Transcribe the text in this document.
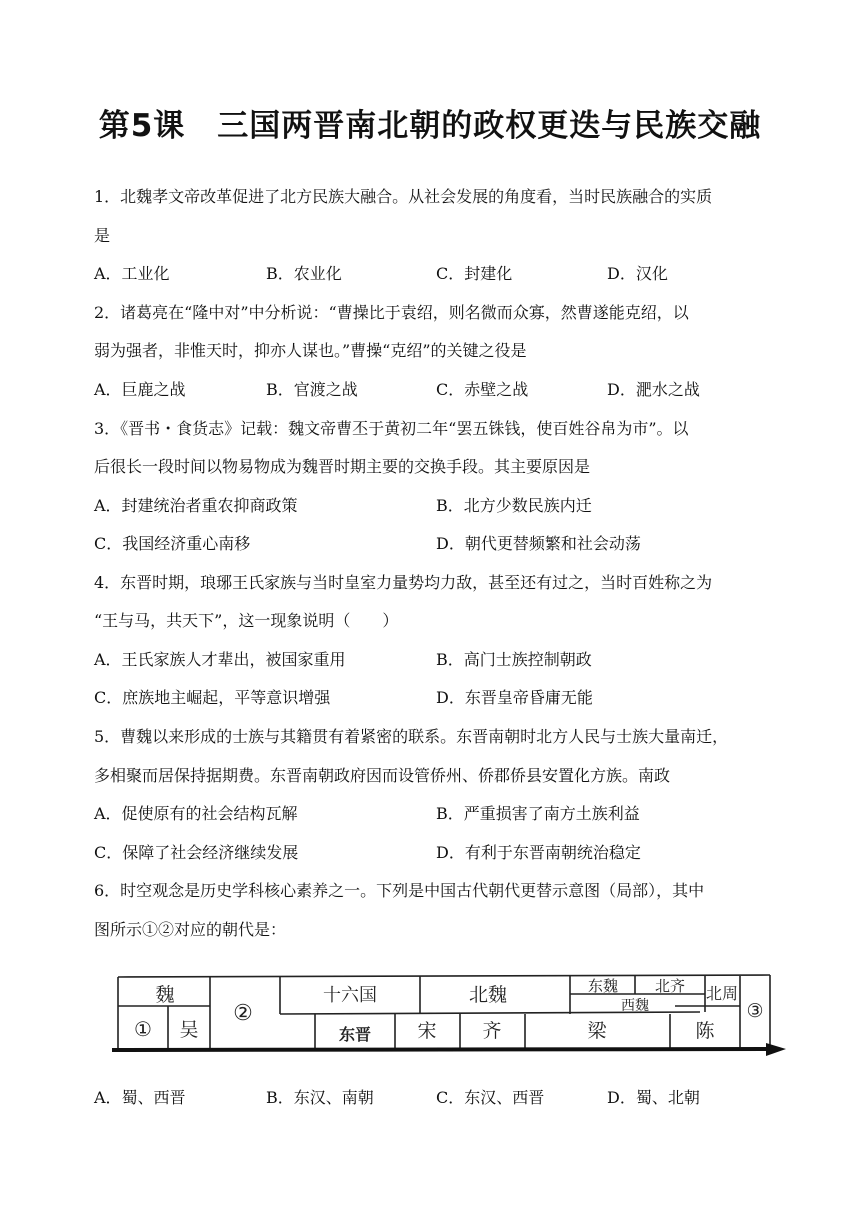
第5课　三国两晋南北朝的政权更迭与民族交融
1．北魏孝文帝改革促进了北方民族大融合。从社会发展的角度看，当时民族融合的实质
是
A．工业化	B．农业化	C．封建化	D．汉化
2．诸葛亮在“隆中对”中分析说：“曹操比于袁绍，则名微而众寡，然曹遂能克绍，以
弱为强者，非惟天时，抑亦人谋也。”曹操“克绍”的关键之役是
A．巨鹿之战	B．官渡之战	C．赤壁之战	D．淝水之战
3．《晋书・食货志》记载：魏文帝曹丕于黄初二年“罢五铢钱，使百姓谷帛为市”。以
后很长一段时间以物易物成为魏晋时期主要的交换手段。其主要原因是
A．封建统治者重农抑商政策	B．北方少数民族内迁
C．我国经济重心南移	D．朝代更替频繁和社会动荡
4．东晋时期，琅琊王氏家族与当时皇室力量势均力敌，甚至还有过之，当时百姓称之为
“王与马，共天下”，这一现象说明（　　）
A．王氏家族人才辈出，被国家重用	B．高门士族控制朝政
C．庶族地主崛起，平等意识增强	D．东晋皇帝昏庸无能
5．曹魏以来形成的士族与其籍贯有着紧密的联系。东晋南朝时北方人民与士族大量南迁，
多相聚而居保持据期费。东晋南朝政府因而设管侨州、侨郡侨县安置化方族。南政
A．促使原有的社会结构瓦解	B．严重损害了南方土族利益
C．保障了社会经济继续发展	D．有利于东晋南朝统治稳定
6．时空观念是历史学科核心素养之一。下列是中国古代朝代更替示意图（局部），其中
图所示①②对应的朝代是：
魏
① 吴
②
十六国	北魏	东魏 北齐
西魏
北周
③
东晋 宋 齐	梁	陈
A．蜀、西晋	B．东汉、南朝	C．东汉、西晋	D．蜀、北朝
